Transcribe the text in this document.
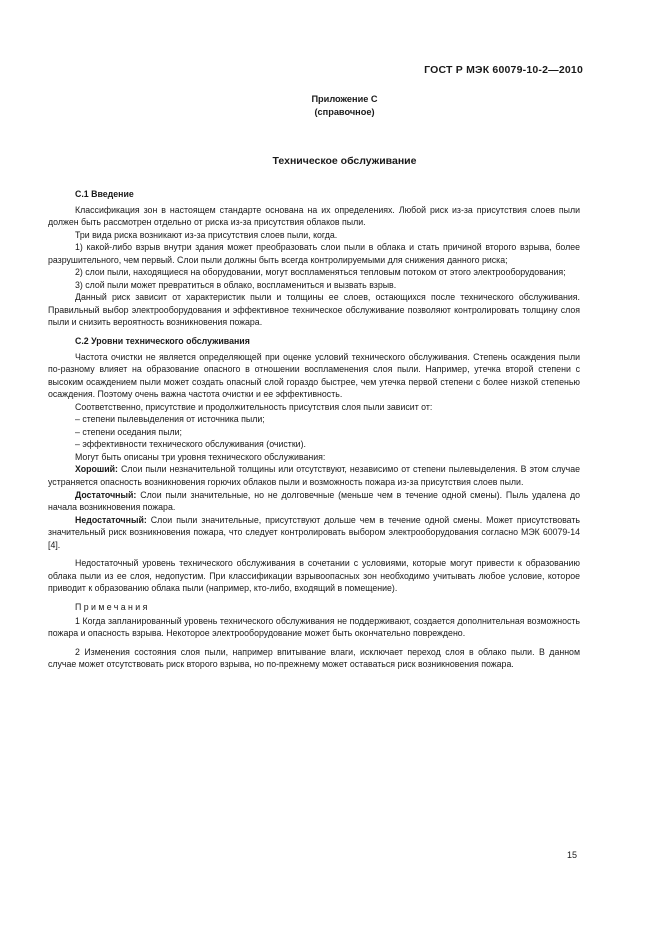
ГОСТ Р МЭК 60079-10-2—2010
Приложение С
(справочное)
Техническое обслуживание
С.1 Введение

Классификация зон в настоящем стандарте основана на их определениях. Любой риск из-за присутствия слоев пыли должен быть рассмотрен отдельно от риска из-за присутствия облаков пыли.

Три вида риска возникают из-за присутствия слоев пыли, когда.

1) какой-либо взрыв внутри здания может преобразовать слои пыли в облака и стать причиной второго взрыва, более разрушительного, чем первый. Слои пыли должны быть всегда контролируемыми для снижения данного риска;

2) слои пыли, находящиеся на оборудовании, могут воспламеняться тепловым потоком от этого электрооборудования;

3) слой пыли может превратиться в облако, воспламениться и вызвать взрыв.

Данный риск зависит от характеристик пыли и толщины ее слоев, остающихся после технического обслуживания. Правильный выбор электрооборудования и эффективное техническое обслуживание позволяют контролировать толщину слоя пыли и снизить вероятность возникновения пожара.

С.2 Уровни технического обслуживания

Частота очистки не является определяющей при оценке условий технического обслуживания. Степень осаждения пыли по-разному влияет на образование опасного в отношении воспламенения слоя пыли. Например, утечка второй степени с высоким осаждением пыли может создать опасный слой гораздо быстрее, чем утечка первой степени с более низкой степенью осаждения. Поэтому очень важна частота очистки и ее эффективность.

Соответственно, присутствие и продолжительность присутствия слоя пыли зависит от:

– степени пылевыделения от источника пыли;

– степени оседания пыли;

– эффективности технического обслуживания (очистки).

Могут быть описаны три уровня технического обслуживания:

Хороший: Слои пыли незначительной толщины или отсутствуют, независимо от степени пылевыделения. В этом случае устраняется опасность возникновения горючих облаков пыли и возможность пожара из-за присутствия слоев пыли.

Достаточный: Слои пыли значительные, но не долговечные (меньше чем в течение одной смены). Пыль удалена до начала возникновения пожара.

Недостаточный: Слои пыли значительные, присутствуют дольше чем в течение одной смены. Может присутствовать значительный риск возникновения пожара, что следует контролировать выбором электрооборудования согласно МЭК 60079-14 [4].

Недостаточный уровень технического обслуживания в сочетании с условиями, которые могут привести к образованию облака пыли из ее слоя, недопустим. При классификации взрывоопасных зон необходимо учитывать любое условие, которое приводит к образованию облака пыли (например, кто-либо, входящий в помещение).

Примечания

1 Когда запланированный уровень технического обслуживания не поддерживают, создается дополнительная возможность пожара и опасность взрыва. Некоторое электрооборудование может быть окончательно повреждено.

2 Изменения состояния слоя пыли, например впитывание влаги, исключает переход слоя в облако пыли. В данном случае может отсутствовать риск второго взрыва, но по-прежнему может оставаться риск возникновения пожара.

15
